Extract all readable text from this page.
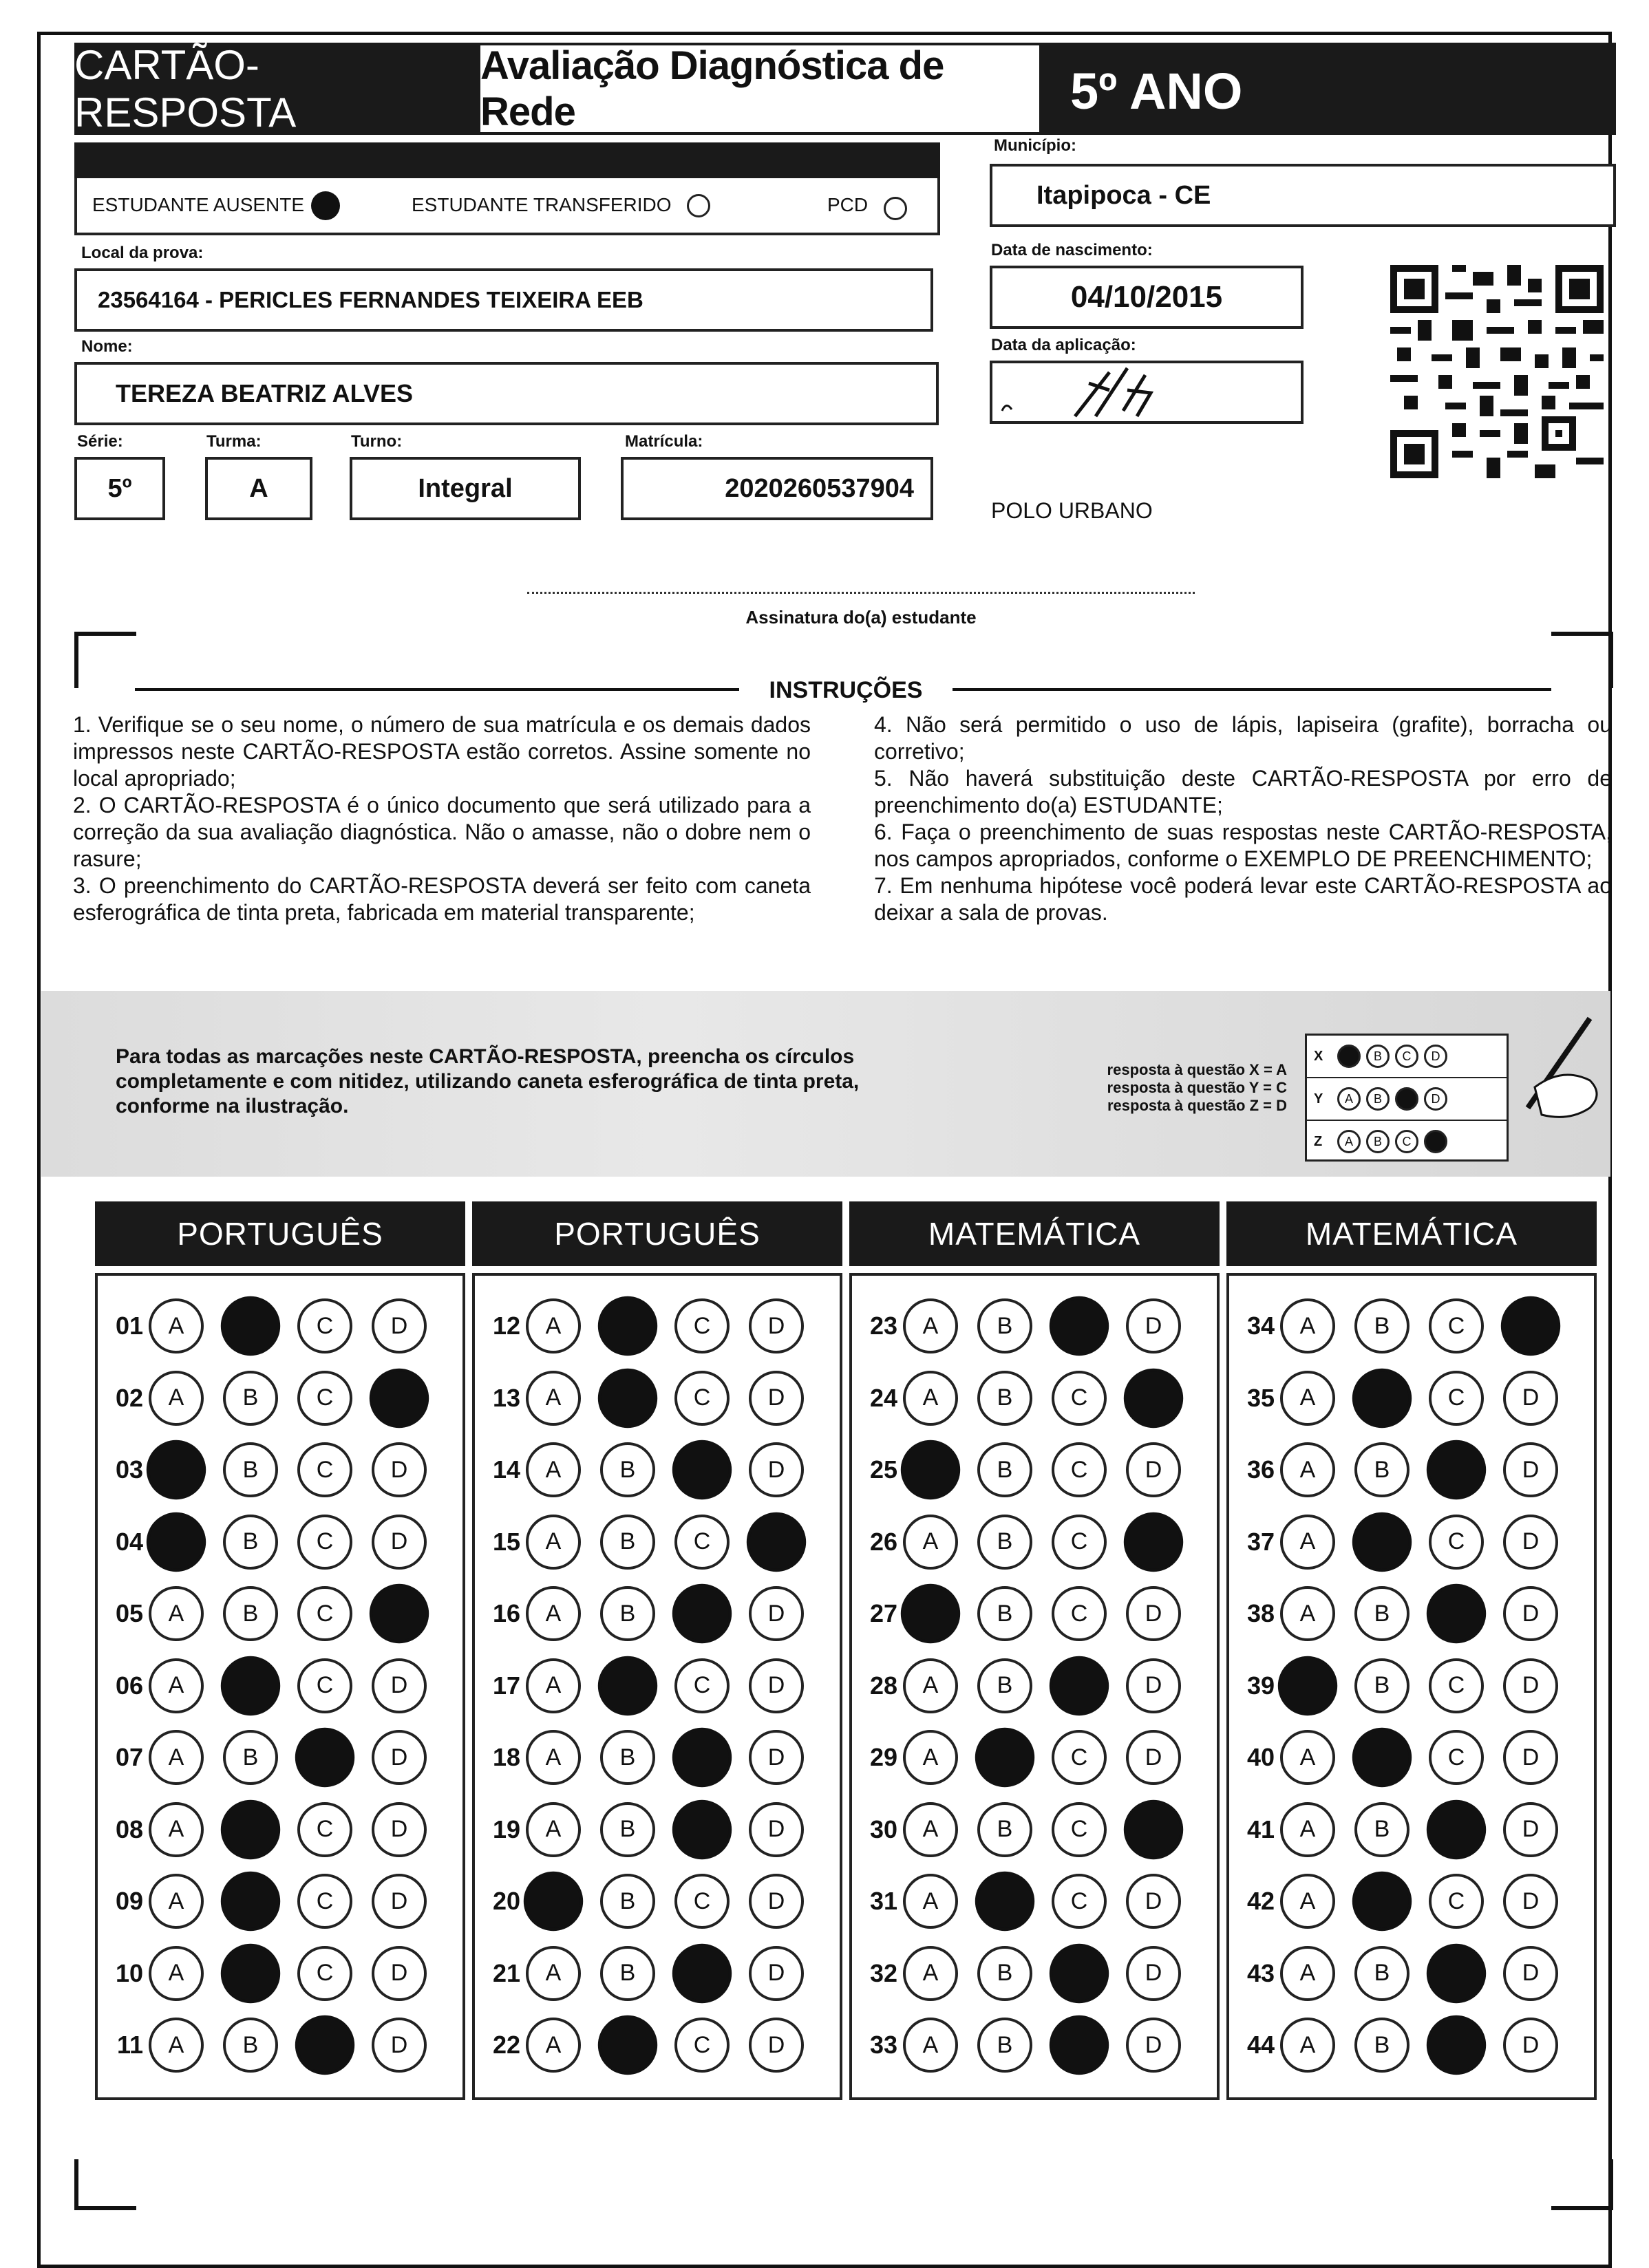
CARTÃO-RESPOSTA
Avaliação Diagnóstica de Rede	5º ANO
ESTUDANTE AUSENTE	ESTUDANTE TRANSFERIDO	PCD
Município:
Itapipoca - CE
Local da prova:
23564164 - PERICLES FERNANDES TEIXEIRA EEB
Data de nascimento:
04/10/2015
Nome:
TEREZA BEATRIZ ALVES
Data da aplicação:
Série:
5º
Turma:
A
Turno:
Integral
Matrícula:
2020260537904
POLO URBANO
Assinatura do(a) estudante
INSTRUÇÕES

1. Verifique se o seu nome, o número de sua matrícula e os demais dados impressos neste CARTÃO-RESPOSTA estão corretos. Assine somente no local apropriado;

2. O CARTÃO-RESPOSTA é o único documento que será utilizado para a correção da sua avaliação diagnóstica. Não o amasse, não o dobre nem o rasure;

3. O preenchimento do CARTÃO-RESPOSTA deverá ser feito com caneta esferográfica de tinta preta, fabricada em material transparente;

4. Não será permitido o uso de lápis, lapiseira (grafite), borracha ou corretivo;

5. Não haverá substituição deste CARTÃO-RESPOSTA por erro de preenchimento do(a) ESTUDANTE;

6. Faça o preenchimento de suas respostas neste CARTÃO-RESPOSTA, nos campos apropriados, conforme o EXEMPLO DE PREENCHIMENTO;

7. Em nenhuma hipótese você poderá levar este CARTÃO-RESPOSTA ao deixar a sala de provas.

Para todas as marcações neste CARTÃO-RESPOSTA, preencha os círculos completamente e com nitidez, utilizando caneta esferográfica de tinta preta, conforme na ilustração.
resposta à questão X = A
resposta à questão Y = C
resposta à questão Z = D
X	B	C	D
Y	A	B	D
Z	A	B	C
PORTUGUÊS
01	A	C	D
02	A	B	C
03	B	C	D
04	B	C	D
05	A	B	C
06	A	C	D
07	A	B	D
08	A	C	D
09	A	C	D
10	A	C	D
11	A	B	D
PORTUGUÊS
12	A	C	D
13	A	C	D
14	A	B	D
15	A	B	C
16	A	B	D
17	A	C	D
18	A	B	D
19	A	B	D
20	B	C	D
21	A	B	D
22	A	C	D
MATEMÁTICA
23	A	B	D
24	A	B	C
25	B	C	D
26	A	B	C
27	B	C	D
28	A	B	D
29	A	C	D
30	A	B	C
31	A	C	D
32	A	B	D
33	A	B	D
MATEMÁTICA
34	A	B	C
35	A	C	D
36	A	B	D
37	A	C	D
38	A	B	D
39	B	C	D
40	A	C	D
41	A	B	D
42	A	C	D
43	A	B	D
44	A	B	D
